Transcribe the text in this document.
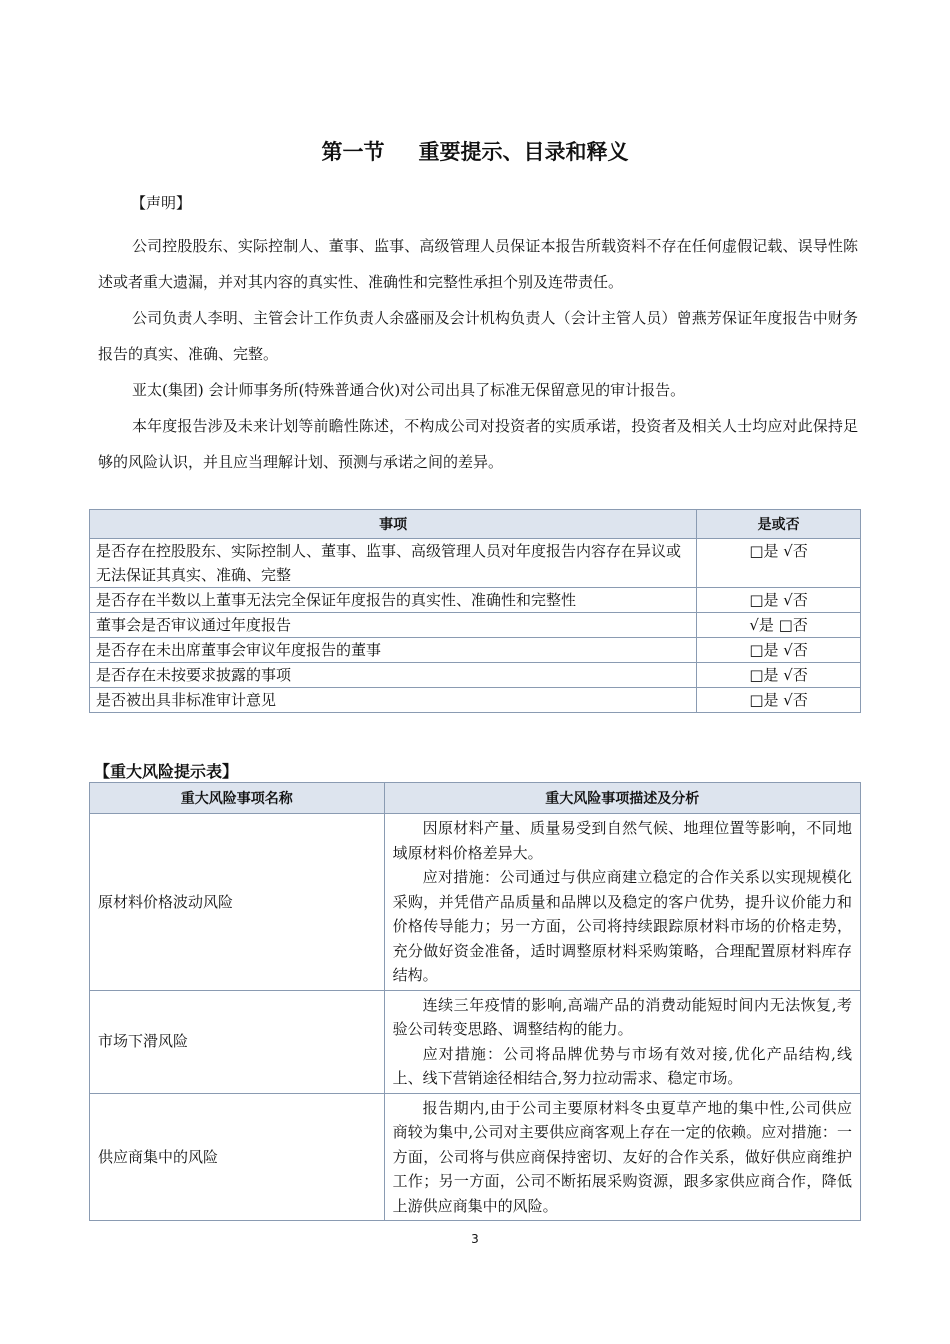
第一节 重要提示、目录和释义
【声明】

公司控股股东、实际控制人、董事、监事、高级管理人员保证本报告所载资料不存在任何虚假记载、误导性陈述或者重大遗漏，并对其内容的真实性、准确性和完整性承担个别及连带责任。

公司负责人李明、主管会计工作负责人余盛丽及会计机构负责人（会计主管人员）曾燕芳保证年度报告中财务报告的真实、准确、完整。

亚太(集团) 会计师事务所(特殊普通合伙)对公司出具了标准无保留意见的审计报告。

本年度报告涉及未来计划等前瞻性陈述，不构成公司对投资者的实质承诺，投资者及相关人士均应对此保持足够的风险认识，并且应当理解计划、预测与承诺之间的差异。

事项	是或否
是否存在控股股东、实际控制人、董事、监事、高级管理人员对年度报告内容存在异议或无法保证其真实、准确、完整	□是 √否
是否存在半数以上董事无法完全保证年度报告的真实性、准确性和完整性	□是 √否
董事会是否审议通过年度报告	√是 □否
是否存在未出席董事会审议年度报告的董事	□是 √否
是否存在未按要求披露的事项	□是 √否
是否被出具非标准审计意见	□是 √否
【重大风险提示表】
重大风险事项名称	重大风险事项描述及分析
原材料价格波动风险	因原材料产量、质量易受到自然气候、地理位置等影响，不同地域原材料价格差异大。

应对措施：公司通过与供应商建立稳定的合作关系以实现规模化采购，并凭借产品质量和品牌以及稳定的客户优势，提升议价能力和价格传导能力；另一方面，公司将持续跟踪原材料市场的价格走势，充分做好资金准备，适时调整原材料采购策略，合理配置原材料库存结构。

市场下滑风险	连续三年疫情的影响,高端产品的消费动能短时间内无法恢复,考验公司转变思路、调整结构的能力。

应对措施：公司将品牌优势与市场有效对接,优化产品结构,线上、线下营销途径相结合,努力拉动需求、稳定市场。

供应商集中的风险	报告期内,由于公司主要原材料冬虫夏草产地的集中性,公司供应商较为集中,公司对主要供应商客观上存在一定的依赖。应对措施：一方面，公司将与供应商保持密切、友好的合作关系，做好供应商维护工作；另一方面，公司不断拓展采购资源，跟多家供应商合作，降低上游供应商集中的风险。

3
